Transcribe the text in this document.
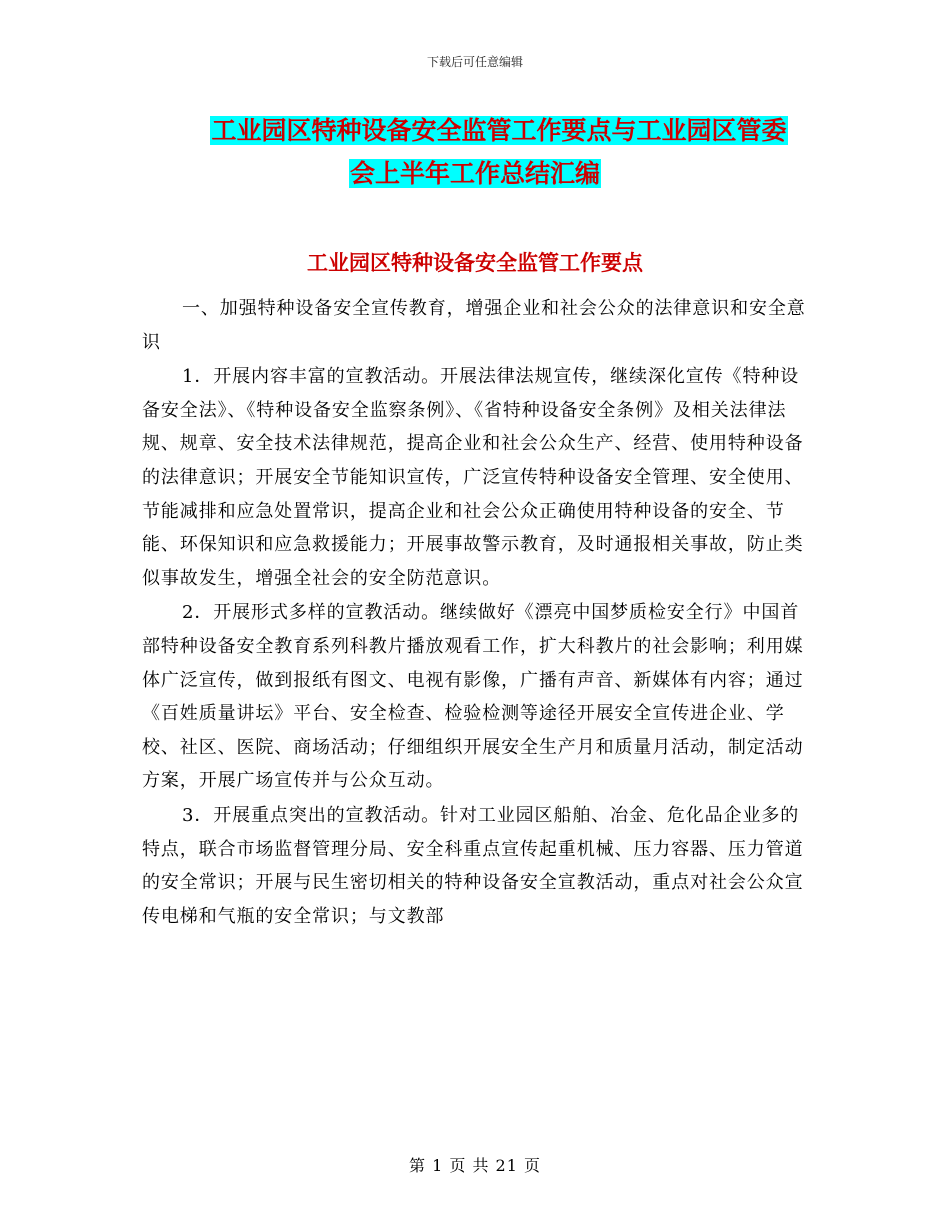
下载后可任意编辑
工业园区特种设备安全监管工作要点与工业园区管委
会上半年工作总结汇编
工业园区特种设备安全监管工作要点

一、加强特种设备安全宣传教育，增强企业和社会公众的法律意识和安全意识

1．开展内容丰富的宣教活动。开展法律法规宣传，继续深化宣传《特种设备安全法》、《特种设备安全监察条例》、《省特种设备安全条例》及相关法律法规、规章、安全技术法律规范，提高企业和社会公众生产、经营、使用特种设备的法律意识；开展安全节能知识宣传，广泛宣传特种设备安全管理、安全使用、节能减排和应急处置常识，提高企业和社会公众正确使用特种设备的安全、节能、环保知识和应急救援能力；开展事故警示教育，及时通报相关事故，防止类似事故发生，增强全社会的安全防范意识。

2．开展形式多样的宣教活动。继续做好《漂亮中国梦质检安全行》中国首部特种设备安全教育系列科教片播放观看工作，扩大科教片的社会影响；利用媒体广泛宣传，做到报纸有图文、电视有影像，广播有声音、新媒体有内容；通过《百姓质量讲坛》平台、安全检查、检验检测等途径开展安全宣传进企业、学校、社区、医院、商场活动；仔细组织开展安全生产月和质量月活动，制定活动方案，开展广场宣传并与公众互动。

3．开展重点突出的宣教活动。针对工业园区船舶、冶金、危化品企业多的特点，联合市场监督管理分局、安全科重点宣传起重机械、压力容器、压力管道的安全常识；开展与民生密切相关的特种设备安全宣教活动，重点对社会公众宣传电梯和气瓶的安全常识；与文教部

第 1 页 共 21 页
